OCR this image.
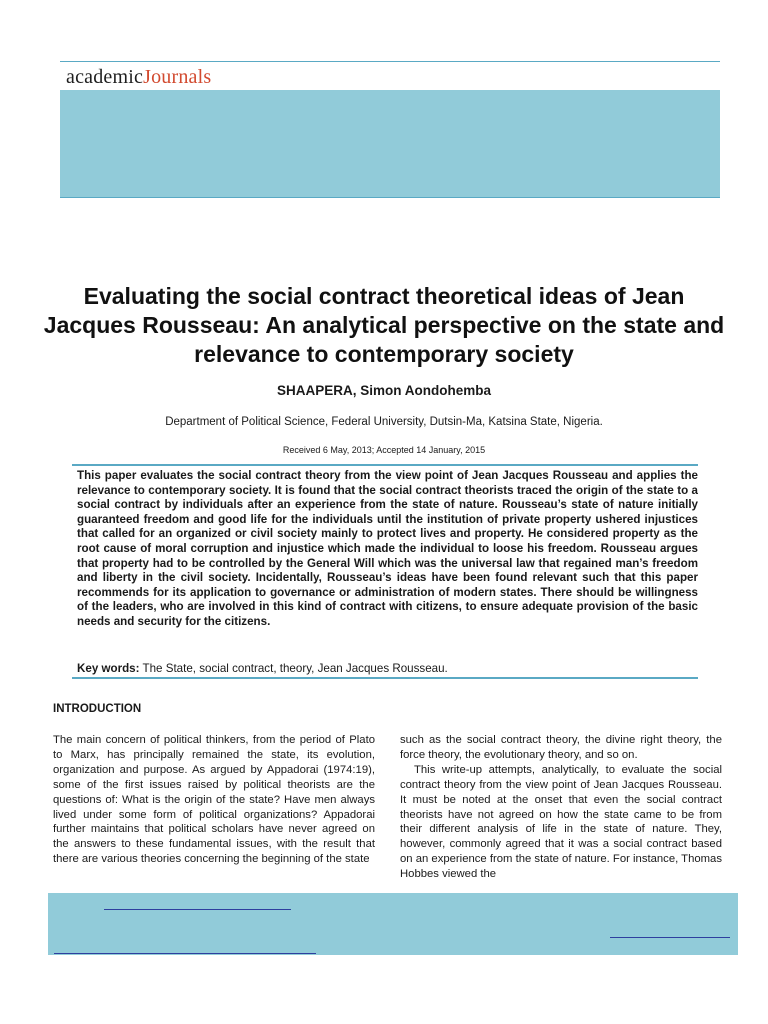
academicJournals
Evaluating the social contract theoretical ideas of Jean Jacques Rousseau: An analytical perspective on the state and relevance to contemporary society
SHAAPERA, Simon Aondohemba
Department of Political Science, Federal University, Dutsin-Ma, Katsina State, Nigeria.
Received 6 May, 2013; Accepted 14 January, 2015
This paper evaluates the social contract theory from the view point of Jean Jacques Rousseau and applies the relevance to contemporary society. It is found that the social contract theorists traced the origin of the state to a social contract by individuals after an experience from the state of nature. Rousseau’s state of nature initially guaranteed freedom and good life for the individuals until the institution of private property ushered injustices that called for an organized or civil society mainly to protect lives and property. He considered property as the root cause of moral corruption and injustice which made the individual to loose his freedom. Rousseau argues that property had to be controlled by the General Will which was the universal law that regained man’s freedom and liberty in the civil society. Incidentally, Rousseau’s ideas have been found relevant such that this paper recommends for its application to governance or administration of modern states. There should be willingness of the leaders, who are involved in this kind of contract with citizens, to ensure adequate provision of the basic needs and security for the citizens.
Key words: The State, social contract, theory, Jean Jacques Rousseau.
INTRODUCTION

The main concern of political thinkers, from the period of Plato to Marx, has principally remained the state, its evolution, organization and purpose. As argued by Appadorai (1974:19), some of the first issues raised by political theorists are the questions of: What is the origin of the state? Have men always lived under some form of political organizations? Appadorai further maintains that political scholars have never agreed on the answers to these fundamental issues, with the result that there are various theories concerning the beginning of the state

such as the social contract theory, the divine right theory, the force theory, the evolutionary theory, and so on.

This write-up attempts, analytically, to evaluate the social contract theory from the view point of Jean Jacques Rousseau. It must be noted at the onset that even the social contract theorists have not agreed on how the state came to be from their different analysis of life in the state of nature. They, however, commonly agreed that it was a social contract based on an experience from the state of nature. For instance, Thomas Hobbes viewed the
